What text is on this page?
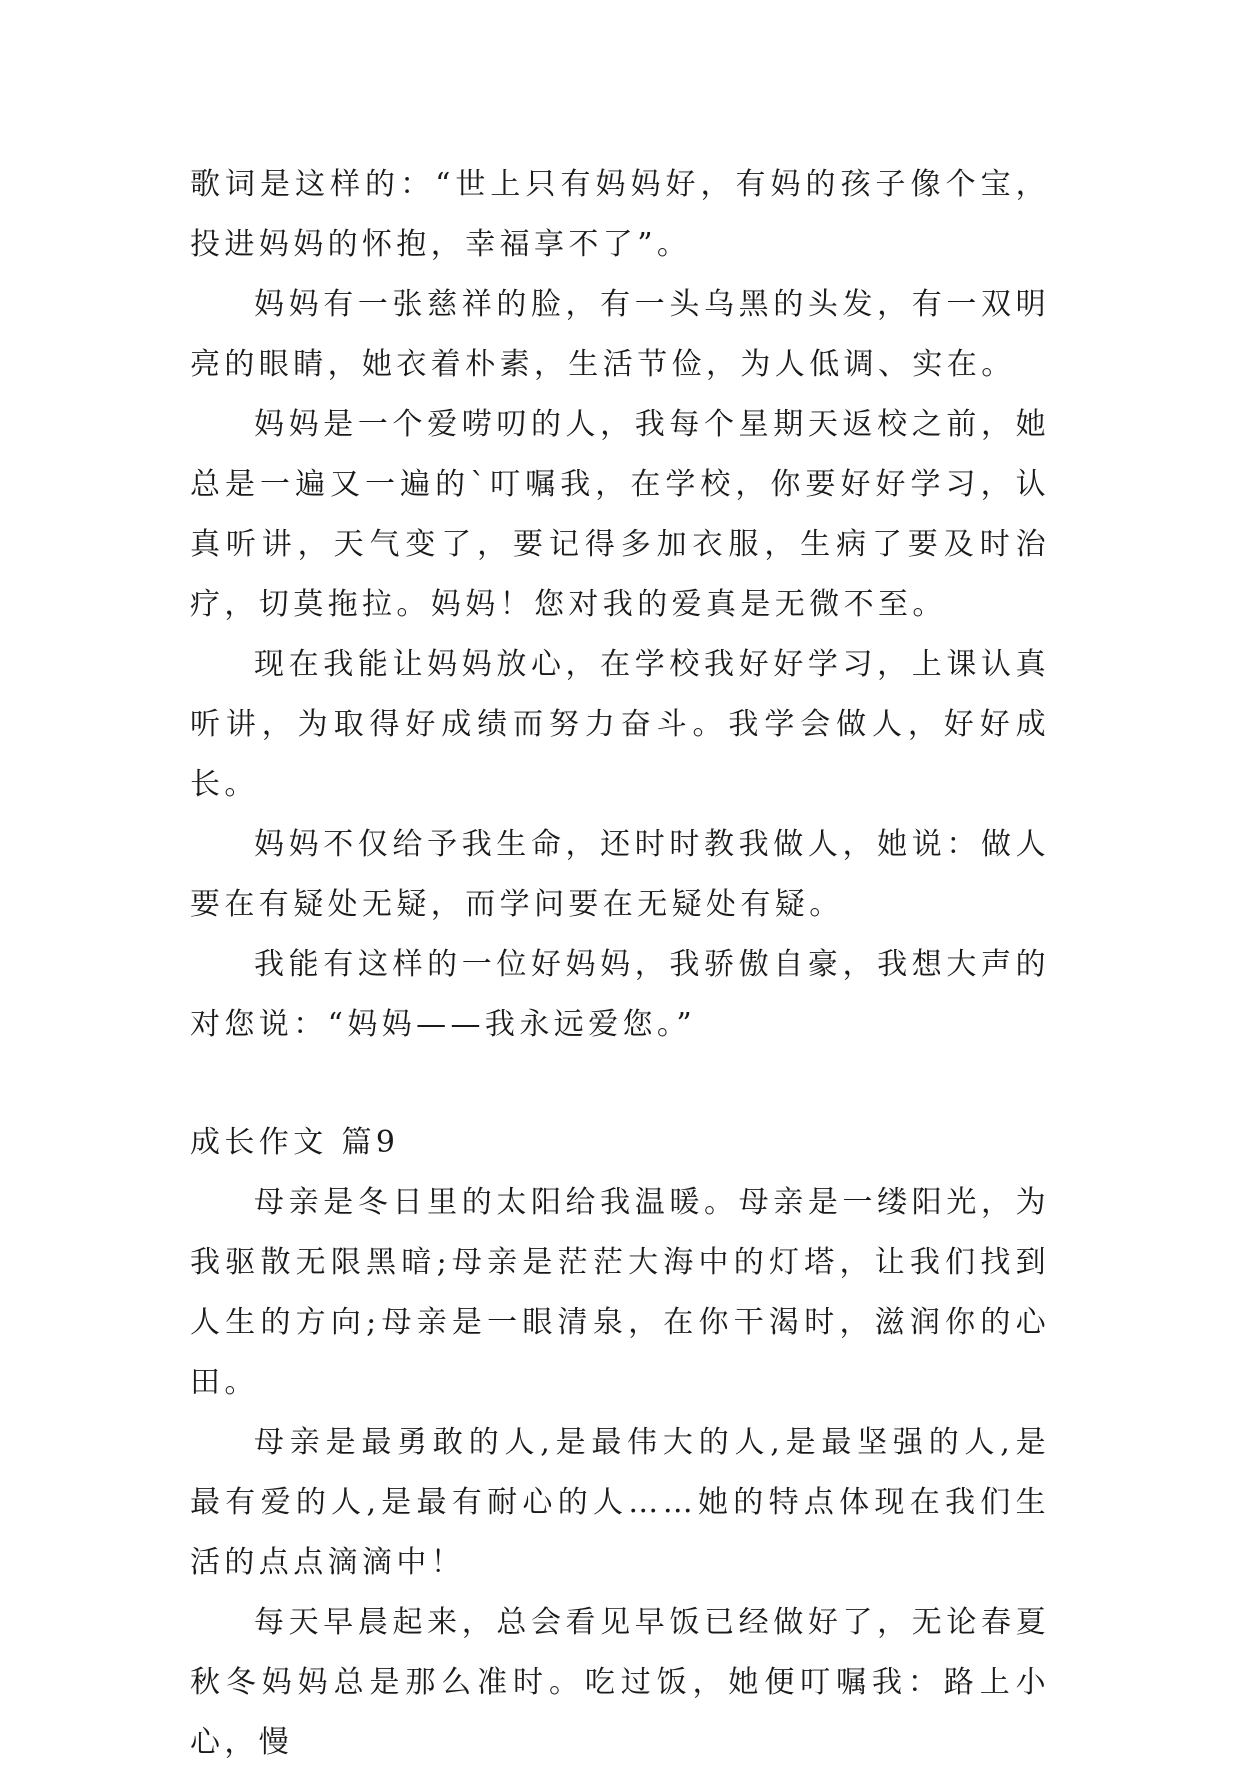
歌词是这样的：“世上只有妈妈好，有妈的孩子像个宝，投进妈妈的怀抱，幸福享不了”。

妈妈有一张慈祥的脸，有一头乌黑的头发，有一双明亮的眼睛，她衣着朴素，生活节俭，为人低调、实在。

妈妈是一个爱唠叨的人，我每个星期天返校之前，她总是一遍又一遍的`叮嘱我，在学校，你要好好学习，认真听讲，天气变了，要记得多加衣服，生病了要及时治疗，切莫拖拉。妈妈！您对我的爱真是无微不至。

现在我能让妈妈放心，在学校我好好学习，上课认真听讲，为取得好成绩而努力奋斗。我学会做人，好好成长。

妈妈不仅给予我生命，还时时教我做人，她说：做人要在有疑处无疑，而学问要在无疑处有疑。

我能有这样的一位好妈妈，我骄傲自豪，我想大声的对您说：“妈妈——我永远爱您。”

成长作文 篇9

母亲是冬日里的太阳给我温暖。母亲是一缕阳光，为我驱散无限黑暗;母亲是茫茫大海中的灯塔，让我们找到人生的方向;母亲是一眼清泉，在你干渴时，滋润你的心田。

母亲是最勇敢的人,是最伟大的人,是最坚强的人,是最有爱的人,是最有耐心的人……她的特点体现在我们生活的点点滴滴中！

每天早晨起来，总会看见早饭已经做好了，无论春夏秋冬妈妈总是那么准时。吃过饭，她便叮嘱我：路上小心，慢
